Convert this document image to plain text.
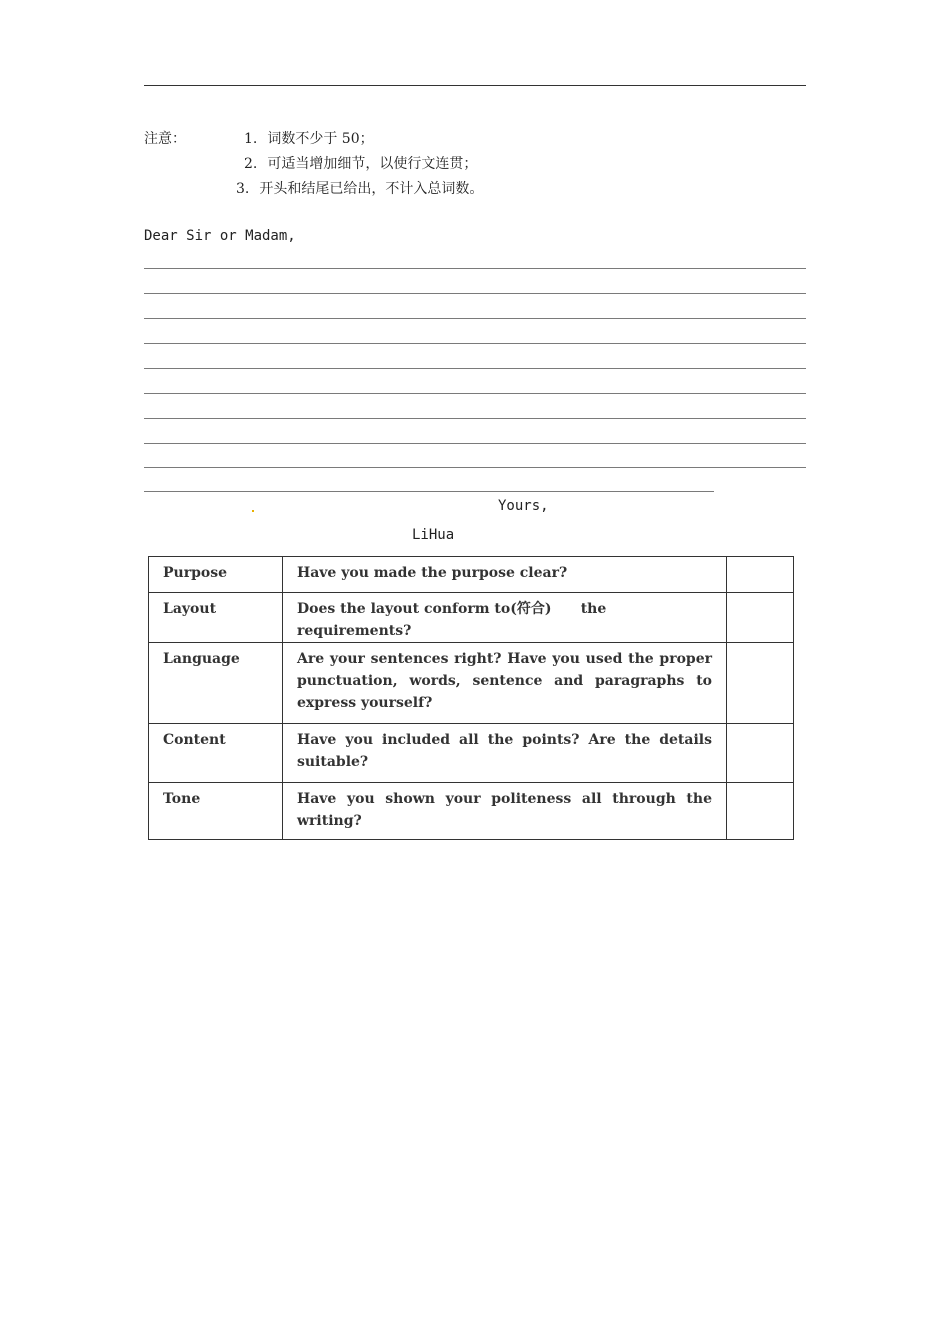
注意：	1. 词数不少于 50；
2. 可适当增加细节，以使行文连贯；
3. 开头和结尾已给出，不计入总词数。
Dear Sir or Madam,
Yours,
LiHua
Purpose	Have you made the purpose clear?	
Layout	Does the layout conform to(符合)      the requirements?	
Language	Are your sentences right? Have you used the proper punctuation, words, sentence and paragraphs to express yourself?	
Content	Have you included all the points? Are the details suitable?	
Tone	Have you shown your politeness all through the writing?	
